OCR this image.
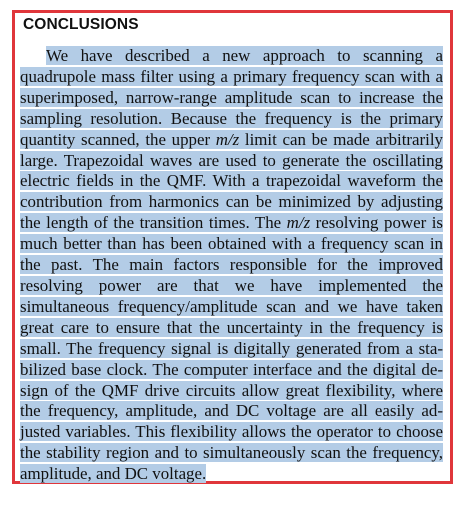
CONCLUSIONS

We have described a new approach to scanning a quadrupole mass filter using a primary frequency scan with a superimposed, narrow-range amplitude scan to increase the sampling resolution. Because the frequency is the primary quantity scanned, the upper m/z limit can be made arbitrarily large. Trapezoidal waves are used to generate the oscillating electric fields in the QMF. With a trapezoidal waveform the contribution from harmonics can be minimized by adjusting the length of the transition times. The m/z resolving power is much better than has been obtained with a frequency scan in the past. The main factors responsible for the improved resolving power are that we have implemented the simultaneous frequency/amplitude scan and we have taken great care to ensure that the uncertainty in the frequency is small. The frequency signal is digitally generated from a stabilized base clock. The computer interface and the digital design of the QMF drive circuits allow great flexibility, where the frequency, amplitude, and DC voltage are all easily adjusted variables. This flexibility allows the operator to choose the stability region and to simultaneously scan the frequency, amplitude, and DC voltage.
